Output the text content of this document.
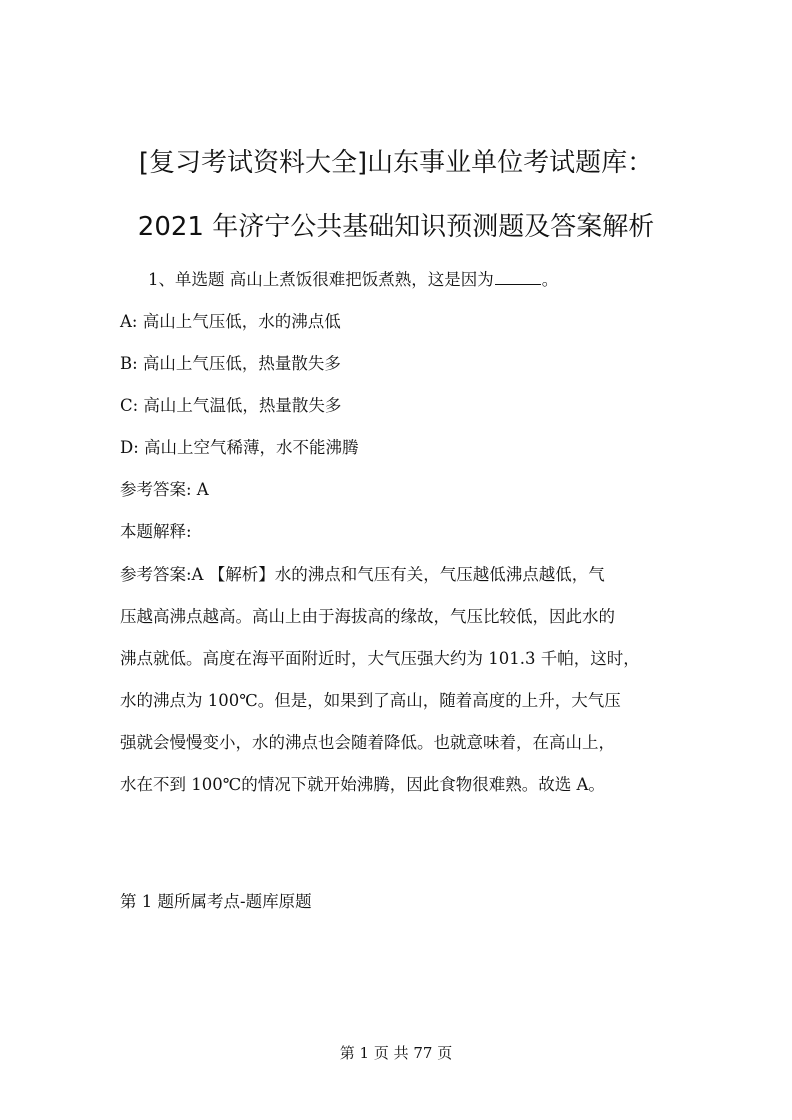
[复习考试资料大全]山东事业单位考试题库：
2021 年济宁公共基础知识预测题及答案解析
1、单选题 高山上煮饭很难把饭煮熟，这是因为	。
A: 高山上气压低，水的沸点低
B: 高山上气压低，热量散失多
C: 高山上气温低，热量散失多
D: 高山上空气稀薄，水不能沸腾
参考答案: A
本题解释:
参考答案:A 【解析】水的沸点和气压有关，气压越低沸点越低，气
压越高沸点越高。高山上由于海拔高的缘故，气压比较低，因此水的
沸点就低。高度在海平面附近时，大气压强大约为 101.3 千帕，这时，
水的沸点为 100℃。但是，如果到了高山，随着高度的上升，大气压
强就会慢慢变小，水的沸点也会随着降低。也就意味着，在高山上，
水在不到 100℃的情况下就开始沸腾，因此食物很难熟。故选 A。
第 1 题所属考点-题库原题
第 1 页 共 77 页
